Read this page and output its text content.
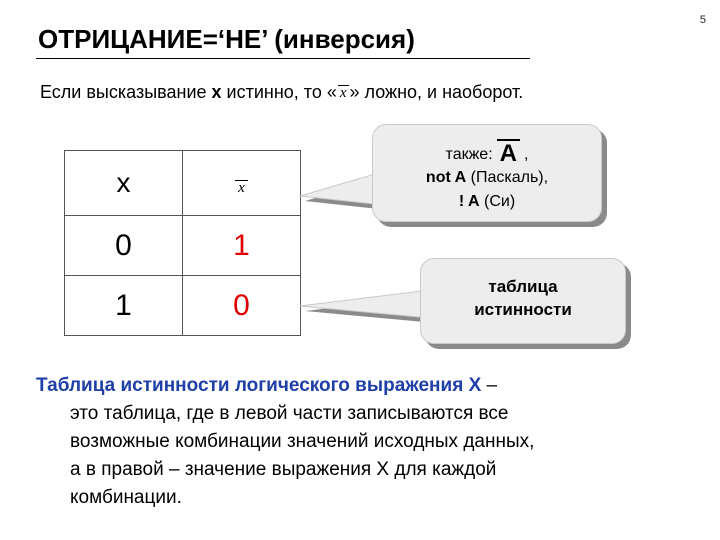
5
ОТРИЦАНИЕ=‘НЕ’ (инверсия)
Если высказывание x истинно, то « x » ложно, и наоборот.
x	x
0	1
1	0
также: A ,
not A (Паскаль),
! A (Си)
таблица
истинности
Таблица истинности логического выражения X –
это таблица, где в левой части записываются все
возможные комбинации значений исходных данных,
а в правой – значение выражения X для каждой
комбинации.
